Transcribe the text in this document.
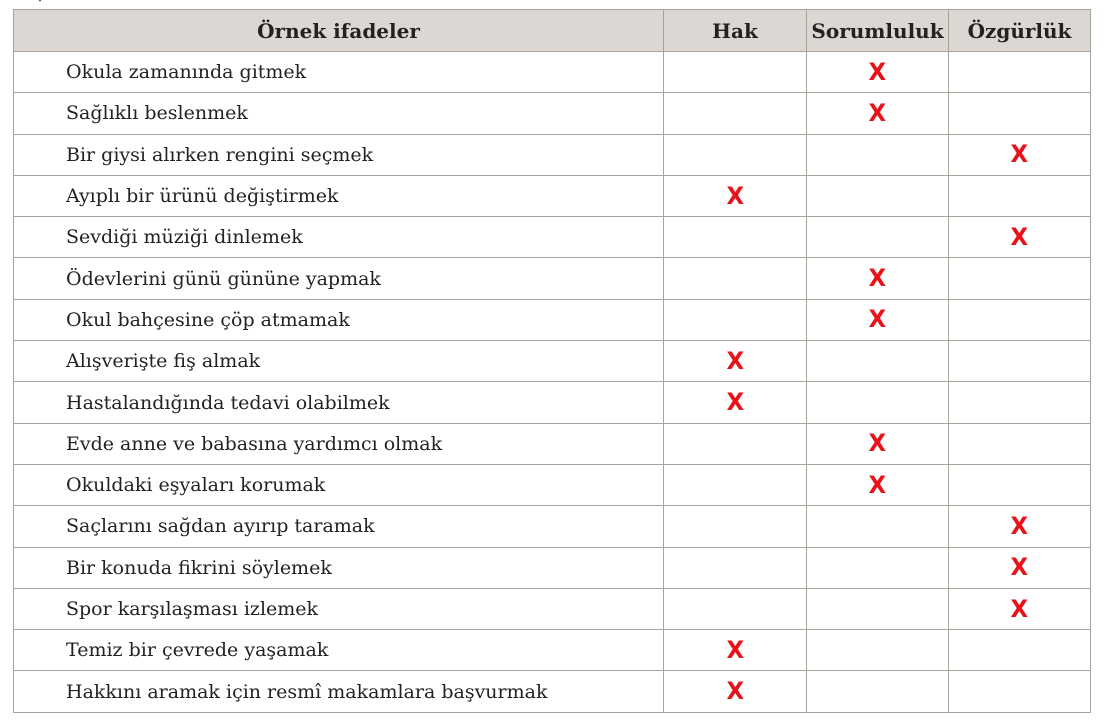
Örnek ifadeler	Hak	Sorumluluk	Özgürlük
Okula zamanında gitmek		X	
Sağlıklı beslenmek		X	
Bir giysi alırken rengini seçmek			X
Ayıplı bir ürünü değiştirmek	X		
Sevdiği müziği dinlemek			X
Ödevlerini günü gününe yapmak		X	
Okul bahçesine çöp atmamak		X	
Alışverişte fiş almak	X		
Hastalandığında tedavi olabilmek	X		
Evde anne ve babasına yardımcı olmak		X	
Okuldaki eşyaları korumak		X	
Saçlarını sağdan ayırıp taramak			X
Bir konuda fikrini söylemek			X
Spor karşılaşması izlemek			X
Temiz bir çevrede yaşamak	X		
Hakkını aramak için resmî makamlara başvurmak	X		
